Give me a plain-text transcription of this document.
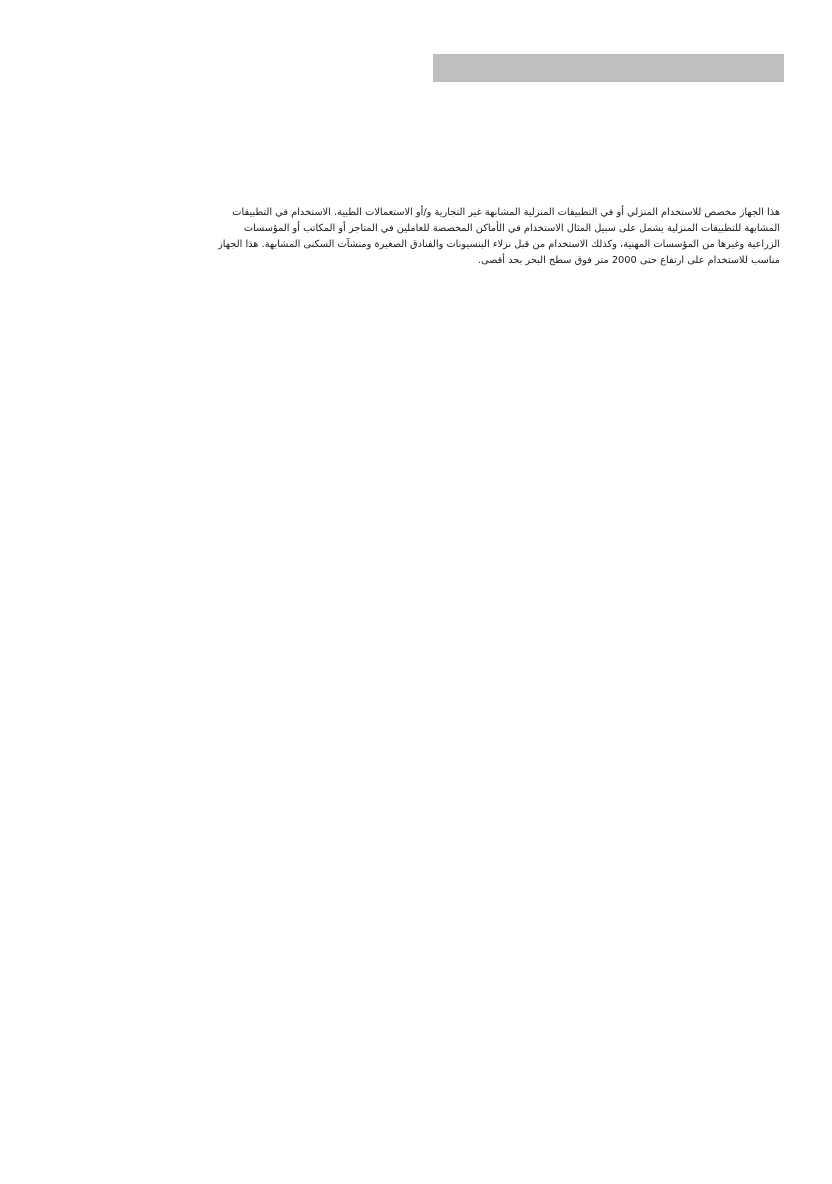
هذا الجهاز مخصص للاستخدام المنزلي أو في التطبيقات المنزلية المشابهة غير التجارية و/أو الاستعمالات الطبية. الاستخدام في التطبيقات
المشابهة للتطبيقات المنزلية يشمل على سبيل المثال الاستخدام في الأماكن المخصصة للعاملين في المتاجر أو المكاتب أو المؤسسات
الزراعية وغيرها من المؤسسات المهنية، وكذلك الاستخدام من قبل نزلاء البنسيونات والفنادق الصغيرة ومنشآت السكنى المشابهة. هذا الجهاز
مناسب للاستخدام على ارتفاع حتى 2000 متر فوق سطح البحر بحد أقصى.
